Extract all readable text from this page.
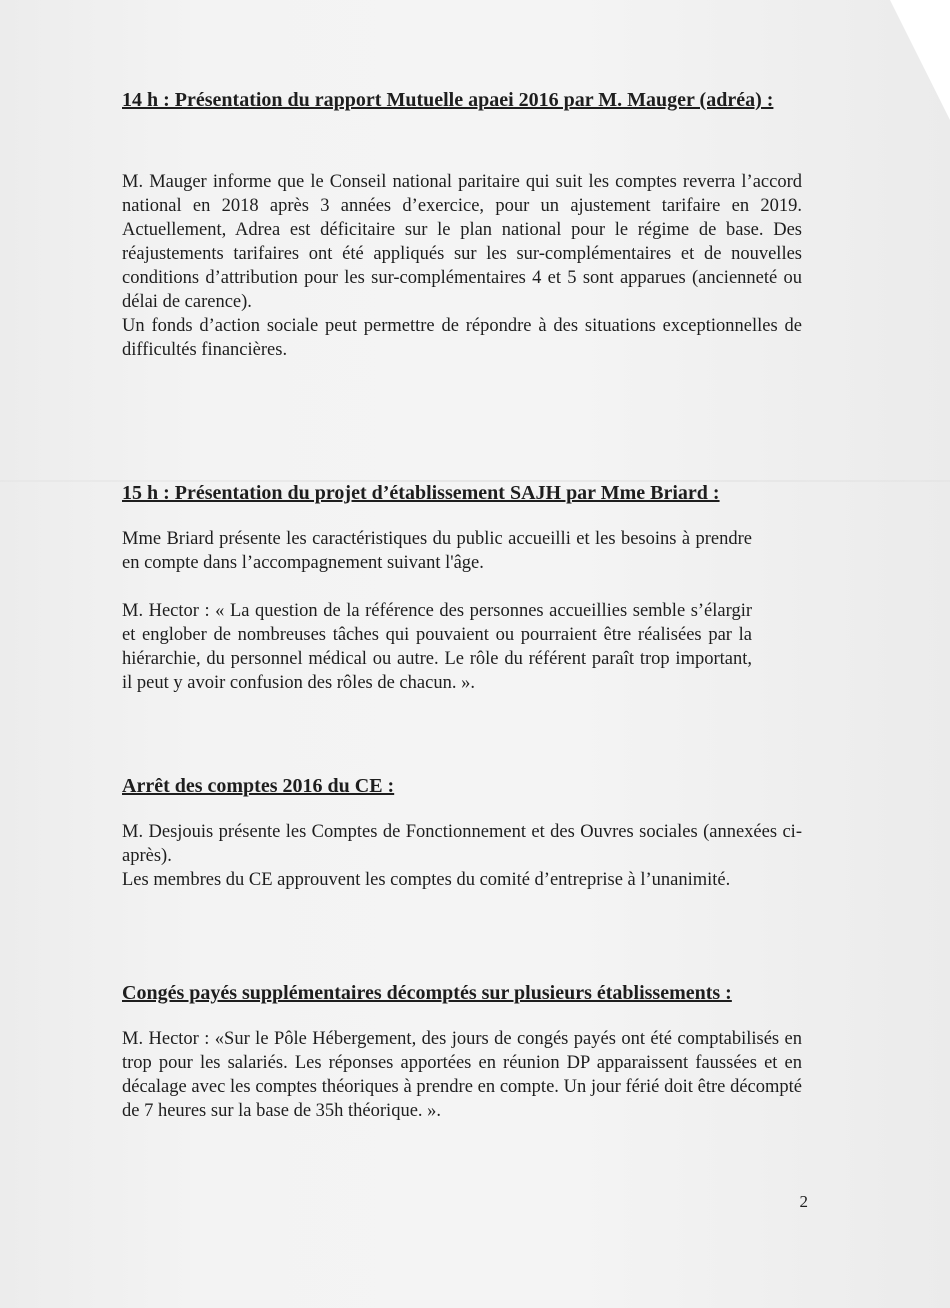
14 h : Présentation du rapport Mutuelle apaei 2016 par M. Mauger (adréa) :

M. Mauger informe que le Conseil national paritaire qui suit les comptes reverra l’accord national en 2018 après 3 années d’exercice, pour un ajustement tarifaire en 2019. Actuellement, Adrea est déficitaire sur le plan national pour le régime de base. Des réajustements tarifaires ont été appliqués sur les sur-complémentaires et de nouvelles conditions d’attribution pour les sur-complémentaires 4 et 5 sont apparues (ancienneté ou délai de carence).
Un fonds d’action sociale peut permettre de répondre à des situations exceptionnelles de difficultés financières.

15 h : Présentation du projet d’établissement SAJH par Mme Briard :

Mme Briard présente les caractéristiques du public accueilli et les besoins à prendre en compte dans l’accompagnement suivant l'âge.

M. Hector : « La question de la référence des personnes accueillies semble s’élargir et englober de nombreuses tâches qui pouvaient ou pourraient être réalisées par la hiérarchie, du personnel médical ou autre. Le rôle du référent paraît trop important, il peut y avoir confusion des rôles de chacun. ».

Arrêt des comptes 2016 du CE :

M. Desjouis présente les Comptes de Fonctionnement et des Ouvres sociales (annexées ci-après).
Les membres du CE approuvent les comptes du comité d’entreprise à l’unanimité.

Congés payés supplémentaires décomptés sur plusieurs établissements :

M. Hector : «Sur le Pôle Hébergement, des jours de congés payés ont été comptabilisés en trop pour les salariés. Les réponses apportées en réunion DP apparaissent faussées et en décalage avec les comptes théoriques à prendre en compte. Un jour férié doit être décompté de 7 heures sur la base de 35h théorique. ».

2
